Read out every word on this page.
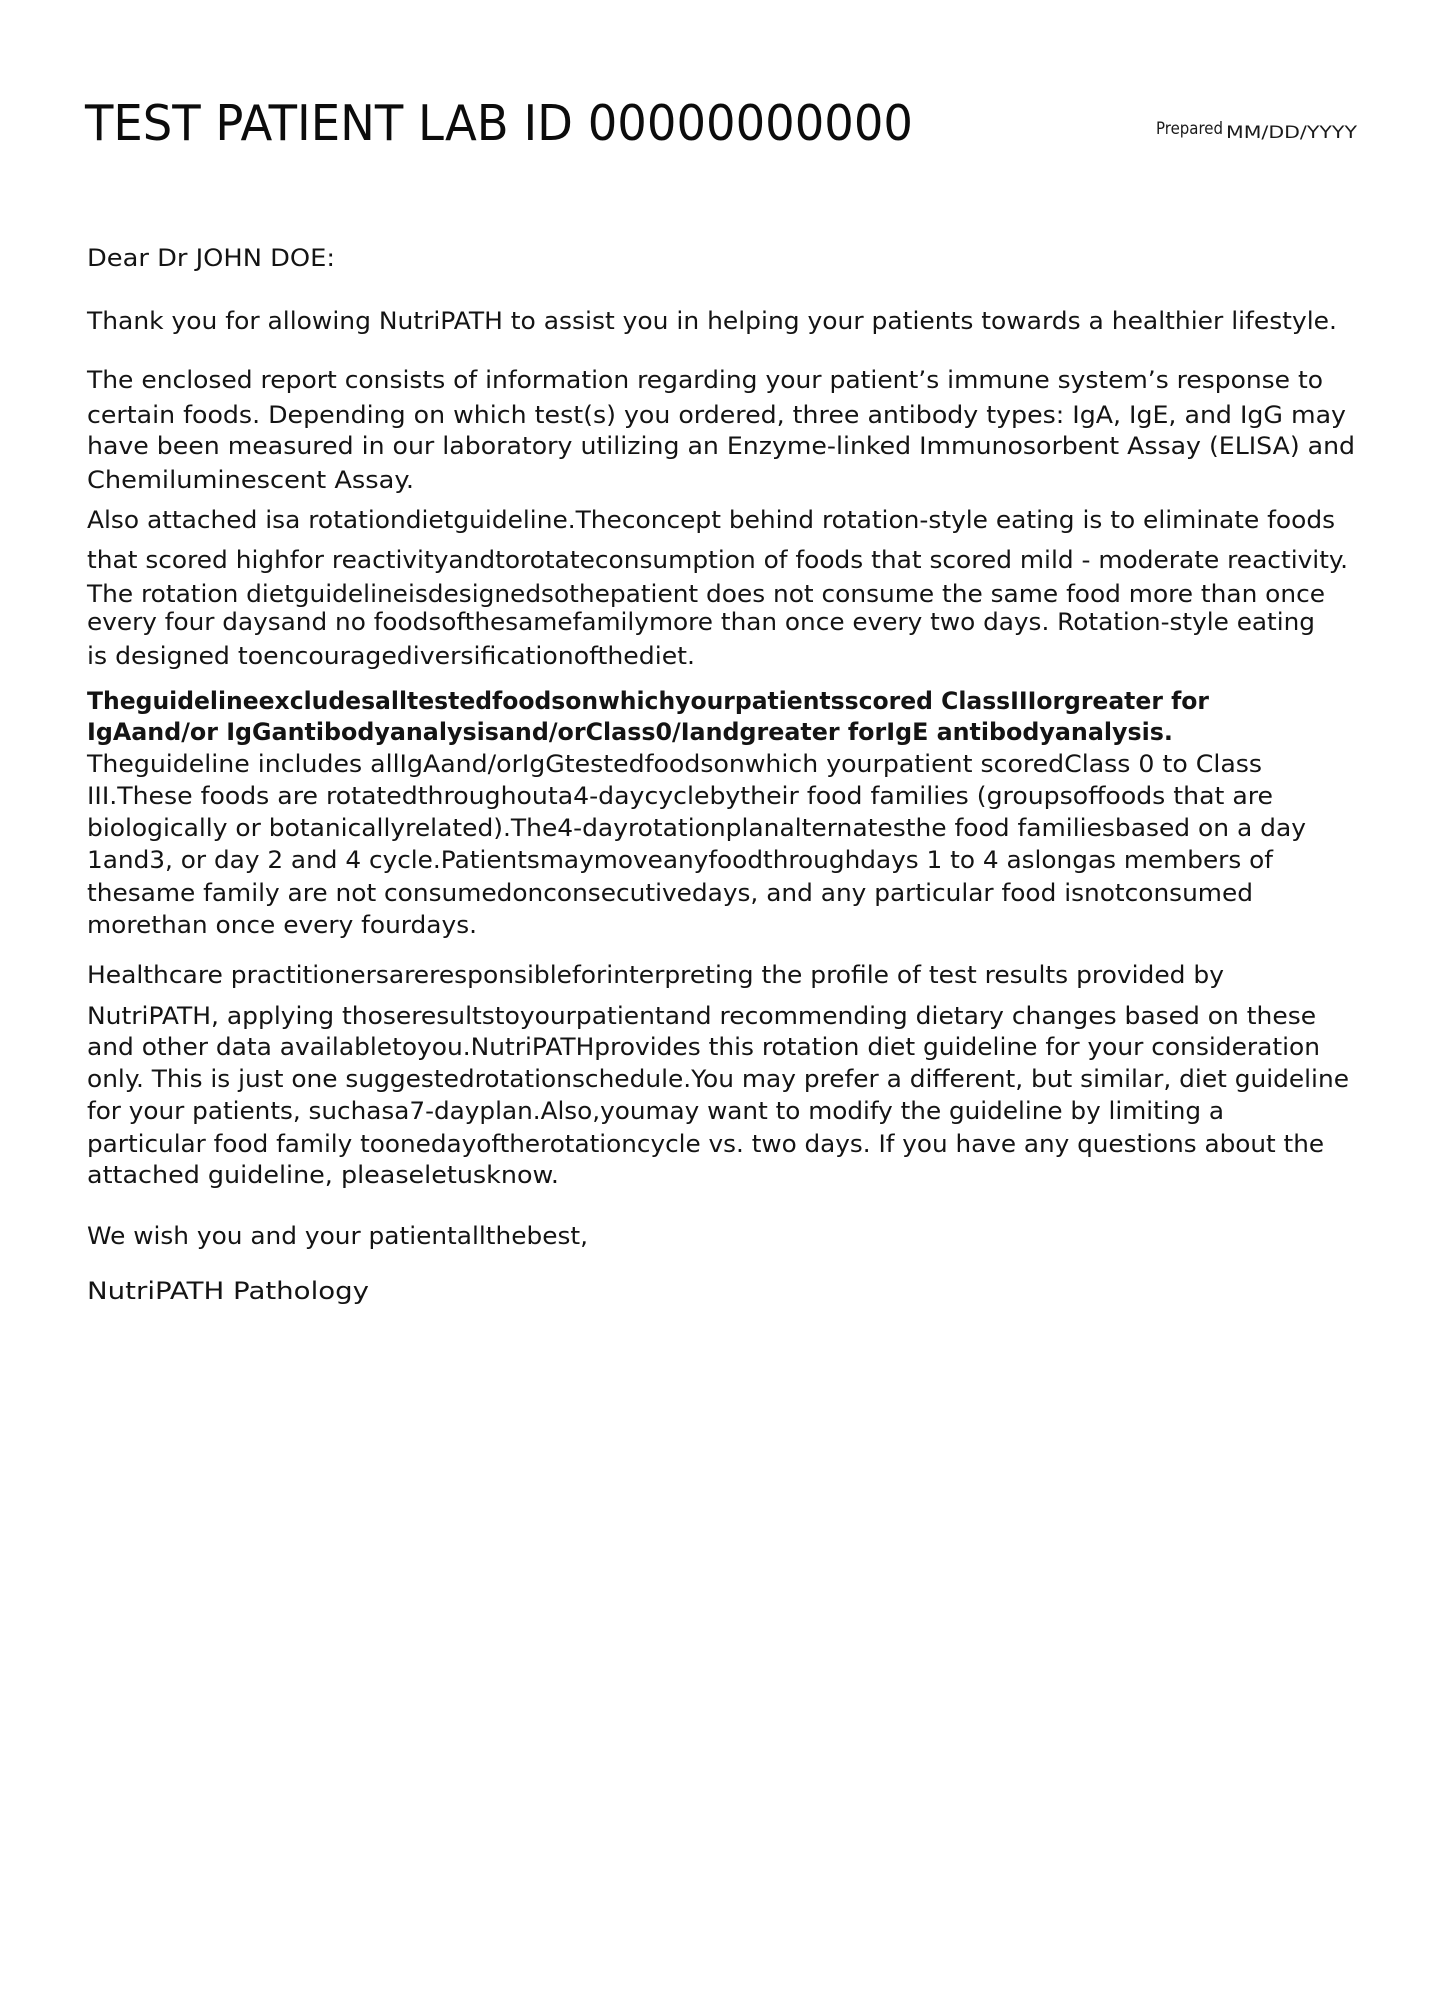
TEST PATIENT LAB ID 00000000000	Prepared MM/DD/YYYY
Dear Dr JOHN DOE:
Thank you for allowing NutriPATH to assist you in helping your patients towards a healthier lifestyle.
The enclosed report consists of information regarding your patient’s immune system’s response to
certain foods. Depending on which test(s) you ordered, three antibody types: IgA, IgE, and IgG may
have been measured in our laboratory utilizing an Enzyme-linked Immunosorbent Assay (ELISA) and
Chemiluminescent Assay.
Also attached isa rotationdietguideline.Theconcept behind rotation-style eating is to eliminate foods
that scored highfor reactivityandtorotateconsumption of foods that scored mild - moderate reactivity.
The rotation dietguidelineisdesignedsothepatient does not consume the same food more than once
every four daysand no foodsofthesamefamilymore than once every two days. Rotation-style eating
is designed toencouragediversificationofthediet.
Theguidelineexcludesalltestedfoodsonwhichyourpatientsscored ClassIIIorgreater for
IgAand/or IgGantibodyanalysisand/orClass0/Iandgreater forIgE antibodyanalysis.
Theguideline includes allIgAand/orIgGtestedfoodsonwhich yourpatient scoredClass 0 to Class
III.These foods are rotatedthroughouta4-daycyclebytheir food families (groupsoffoods that are
biologically or botanicallyrelated).The4-dayrotationplanalternatesthe food familiesbased on a day
1and3, or day 2 and 4 cycle.Patientsmaymoveanyfoodthroughdays 1 to 4 aslongas members of
thesame family are not consumedonconsecutivedays, and any particular food isnotconsumed
morethan once every fourdays.
Healthcare practitionersareresponsibleforinterpreting the profile of test results provided by
NutriPATH, applying thoseresultstoyourpatientand recommending dietary changes based on these
and other data availabletoyou.NutriPATHprovides this rotation diet guideline for your consideration
only. This is just one suggestedrotationschedule.You may prefer a different, but similar, diet guideline
for your patients, suchasa7-dayplan.Also,youmay want to modify the guideline by limiting a
particular food family toonedayoftherotationcycle vs. two days. If you have any questions about the
attached guideline, pleaseletusknow.
We wish you and your patientallthebest,
NutriPATH Pathology
